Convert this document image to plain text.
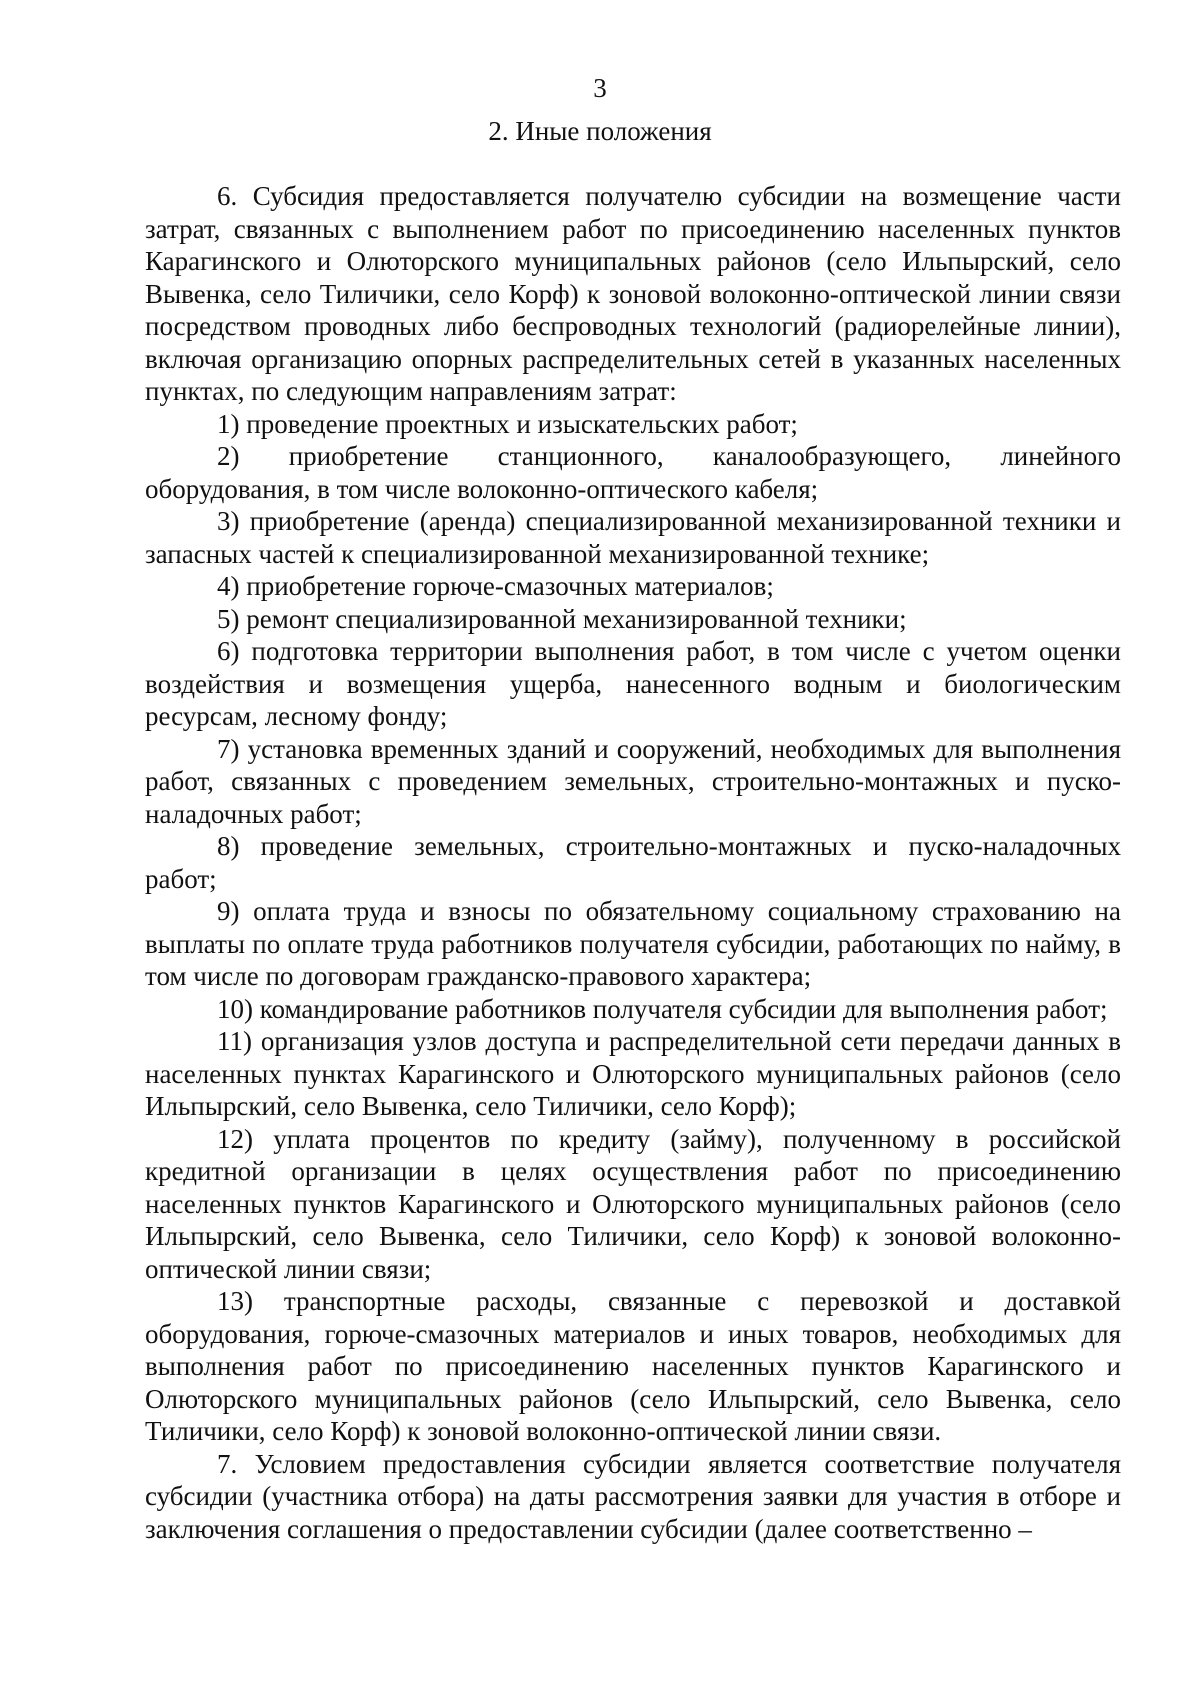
3
2. Иные положения

6. Субсидия предоставляется получателю субсидии на возмещение части затрат, связанных с выполнением работ по присоединению населенных пунктов Карагинского и Олюторского муниципальных районов (село Ильпырский, село Вывенка, село Тиличики, село Корф) к зоновой волоконно-оптической линии связи посредством проводных либо беспроводных технологий (радиорелейные линии), включая организацию опорных распределительных сетей в указанных населенных пунктах, по следующим направлениям затрат:

1) проведение проектных и изыскательских работ;

2) приобретение станционного, каналообразующего, линейного оборудования, в том числе волоконно-оптического кабеля;

3) приобретение (аренда) специализированной механизированной техники и запасных частей к специализированной механизированной технике;

4) приобретение горюче-смазочных материалов;

5) ремонт специализированной механизированной техники;

6) подготовка территории выполнения работ, в том числе с учетом оценки воздействия и возмещения ущерба, нанесенного водным и биологическим ресурсам, лесному фонду;

7) установка временных зданий и сооружений, необходимых для выполнения работ, связанных с проведением земельных, строительно-монтажных и пуско-наладочных работ;

8) проведение земельных, строительно-монтажных и пуско-наладочных работ;

9) оплата труда и взносы по обязательному социальному страхованию на выплаты по оплате труда работников получателя субсидии, работающих по найму, в том числе по договорам гражданско-правового характера;

10) командирование работников получателя субсидии для выполнения работ;

11) организация узлов доступа и распределительной сети передачи данных в населенных пунктах Карагинского и Олюторского муниципальных районов (село Ильпырский, село Вывенка, село Тиличики, село Корф);

12) уплата процентов по кредиту (займу), полученному в российской кредитной организации в целях осуществления работ по присоединению населенных пунктов Карагинского и Олюторского муниципальных районов (село Ильпырский, село Вывенка, село Тиличики, село Корф) к зоновой волоконно-оптической линии связи;

13) транспортные расходы, связанные с перевозкой и доставкой оборудования, горюче-смазочных материалов и иных товаров, необходимых для выполнения работ по присоединению населенных пунктов Карагинского и Олюторского муниципальных районов (село Ильпырский, село Вывенка, село Тиличики, село Корф) к зоновой волоконно-оптической линии связи.

7. Условием предоставления субсидии является соответствие получателя субсидии (участника отбора) на даты рассмотрения заявки для участия в отборе и заключения соглашения о предоставлении субсидии (далее соответственно –
